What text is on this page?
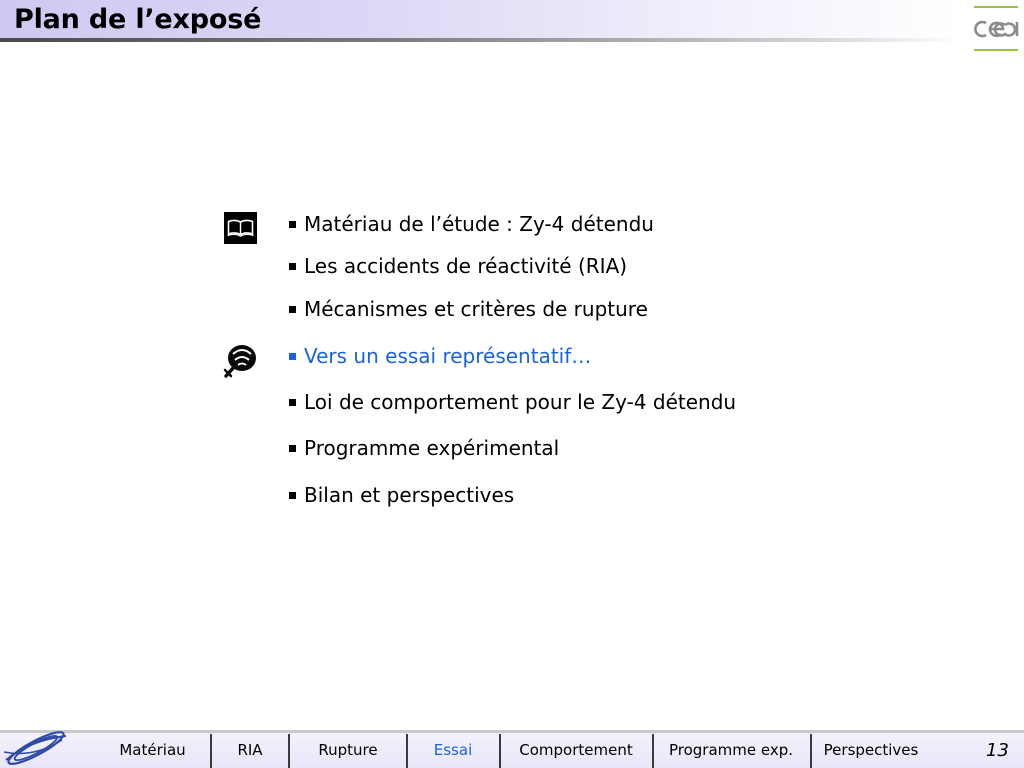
Plan de l’exposé
Matériau de l’étude : Zy-4 détendu
Les accidents de réactivité (RIA)
Mécanismes et critères de rupture
Vers un essai représentatif…
Loi de comportement pour le Zy-4 détendu
Programme expérimental
Bilan et perspectives
Matériau	RIA	Rupture	Essai	Comportement	Programme exp.	Perspectives	13
